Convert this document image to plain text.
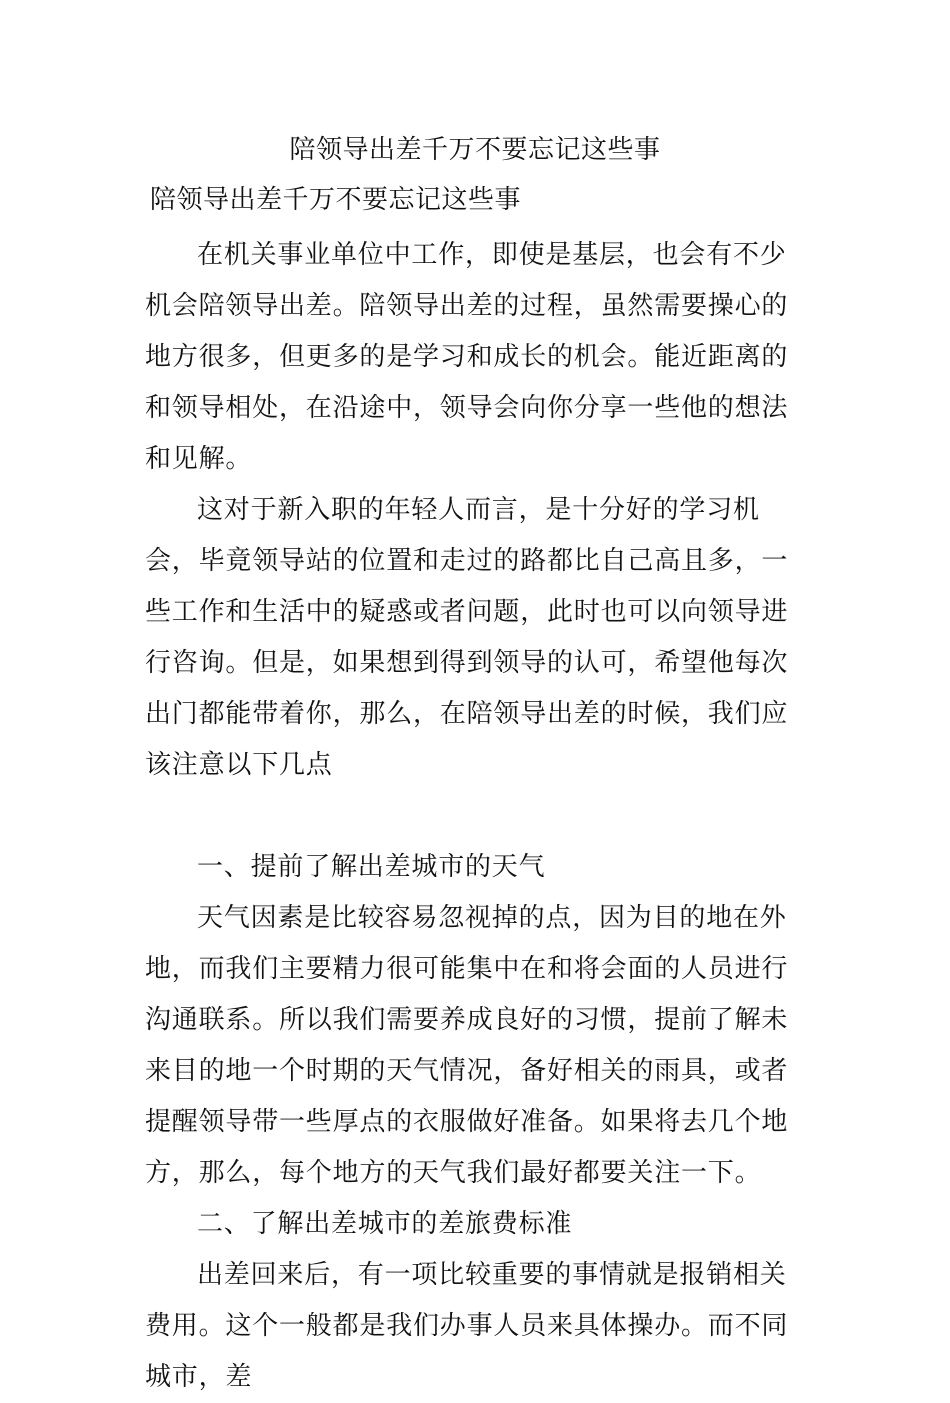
陪领导出差千万不要忘记这些事
陪领导出差千万不要忘记这些事

在机关事业单位中工作，即使是基层，也会有不少机会陪领导出差。陪领导出差的过程，虽然需要操心的地方很多，但更多的是学习和成长的机会。能近距离的和领导相处，在沿途中，领导会向你分享一些他的想法和见解。

这对于新入职的年轻人而言，是十分好的学习机会，毕竟领导站的位置和走过的路都比自己高且多，一些工作和生活中的疑惑或者问题，此时也可以向领导进行咨询。但是，如果想到得到领导的认可，希望他每次出门都能带着你，那么，在陪领导出差的时候，我们应该注意以下几点

一、提前了解出差城市的天气

天气因素是比较容易忽视掉的点，因为目的地在外地，而我们主要精力很可能集中在和将会面的人员进行沟通联系。所以我们需要养成良好的习惯，提前了解未来目的地一个时期的天气情况，备好相关的雨具，或者提醒领导带一些厚点的衣服做好准备。如果将去几个地方，那么，每个地方的天气我们最好都要关注一下。

二、了解出差城市的差旅费标准

出差回来后，有一项比较重要的事情就是报销相关费用。这个一般都是我们办事人员来具体操办。而不同城市，差
